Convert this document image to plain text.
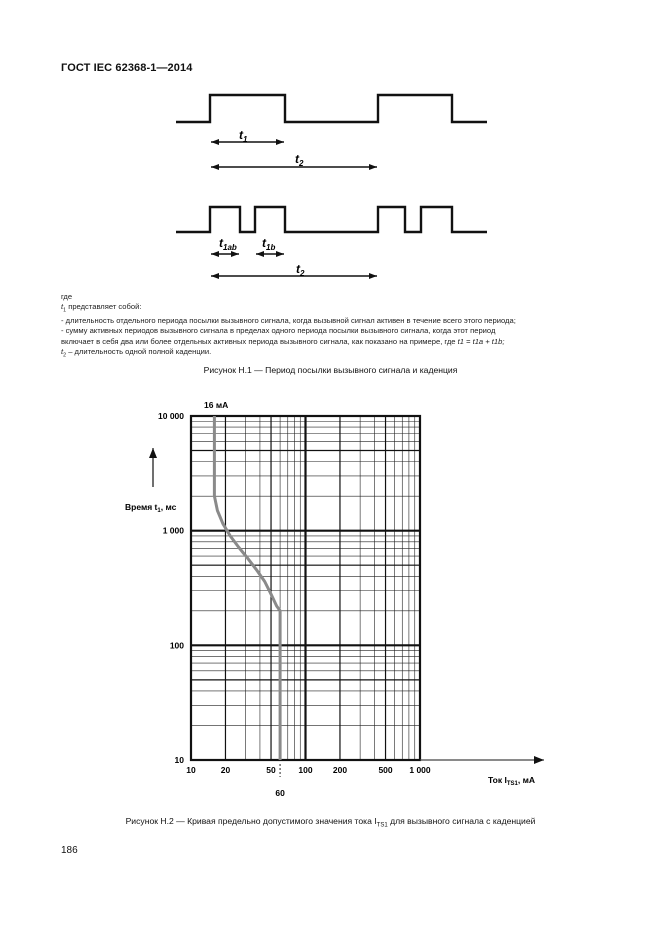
ГОСТ IEC 62368-1—2014
$t_1$
$t_2$
$t_{1ab}$ $t_{1b}$
$t_2$
где
$t_1$ представляет собой:
- длительность отдельного периода посылки вызывного сигнала, когда вызывной сигнал активен в течение всего этого периода;
- сумму активных периодов вызывного сигнала в пределах одного периода посылки вызывного сигнала, когда этот период
включает в себя два или более отдельных активных периода вызывного сигнала, как показано на примере, где t1 = t1a + t1b;
$t_2$ – длительность одной полной каденции.
Рисунок Н.1 — Период посылки вызывного сигнала и каденция
10	20	50	100 200	500 1 000
10
100
1 000
10 000
Время $t_1$, мс
Ток $I_{TS1}$, мА
16 мА
60
Рисунок Н.2 — Кривая предельно допустимого значения тока $I_{TS1}$ для вызывного сигнала с каденцией
186
